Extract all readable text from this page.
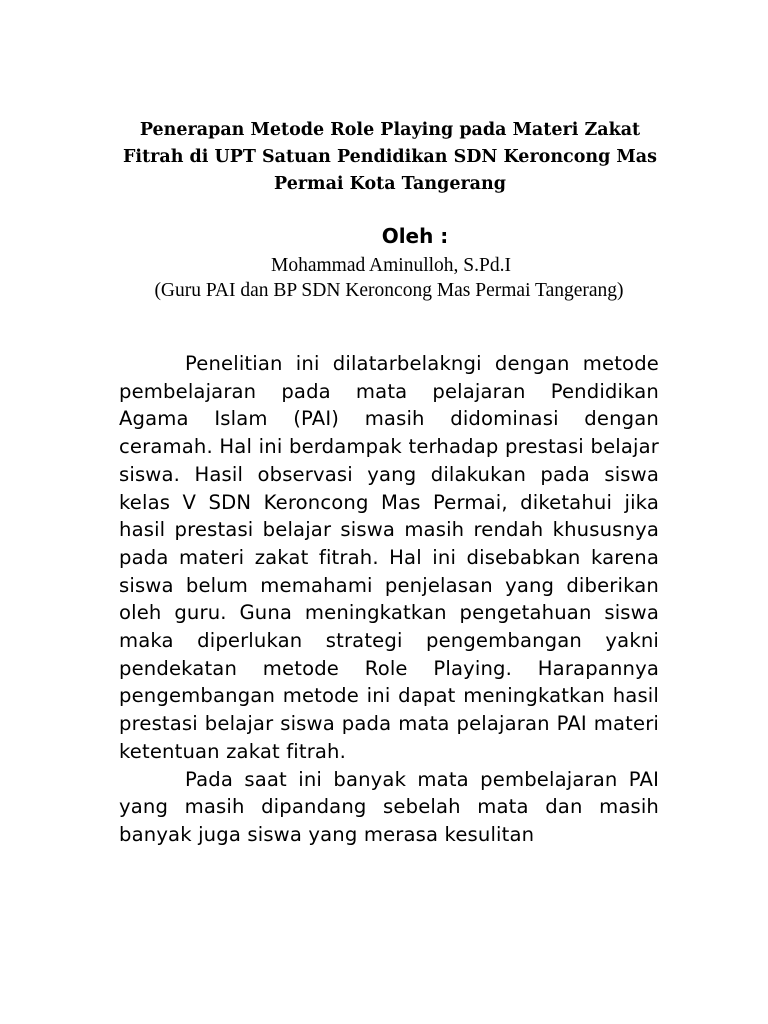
Penerapan Metode Role Playing pada Materi Zakat
Fitrah di UPT Satuan Pendidikan SDN Keroncong Mas
Permai Kota Tangerang
Oleh :
Mohammad Aminulloh, S.Pd.I
(Guru PAI dan BP SDN Keroncong Mas Permai Tangerang)

Penelitian ini dilatarbelakngi dengan metode pembelajaran pada mata pelajaran Pendidikan Agama Islam (PAI) masih didominasi dengan ceramah. Hal ini berdampak terhadap prestasi belajar siswa. Hasil observasi yang dilakukan pada siswa kelas V SDN Keroncong Mas Permai, diketahui jika hasil prestasi belajar siswa masih rendah khususnya pada materi zakat fitrah. Hal ini disebabkan karena siswa belum memahami penjelasan yang diberikan oleh guru. Guna meningkatkan pengetahuan siswa maka diperlukan strategi pengembangan yakni pendekatan metode Role Playing. Harapannya pengembangan metode ini dapat meningkatkan hasil prestasi belajar siswa pada mata pelajaran PAI materi ketentuan zakat fitrah.

Pada saat ini banyak mata pembelajaran PAI yang masih dipandang sebelah mata dan masih banyak juga siswa yang merasa kesulitan
